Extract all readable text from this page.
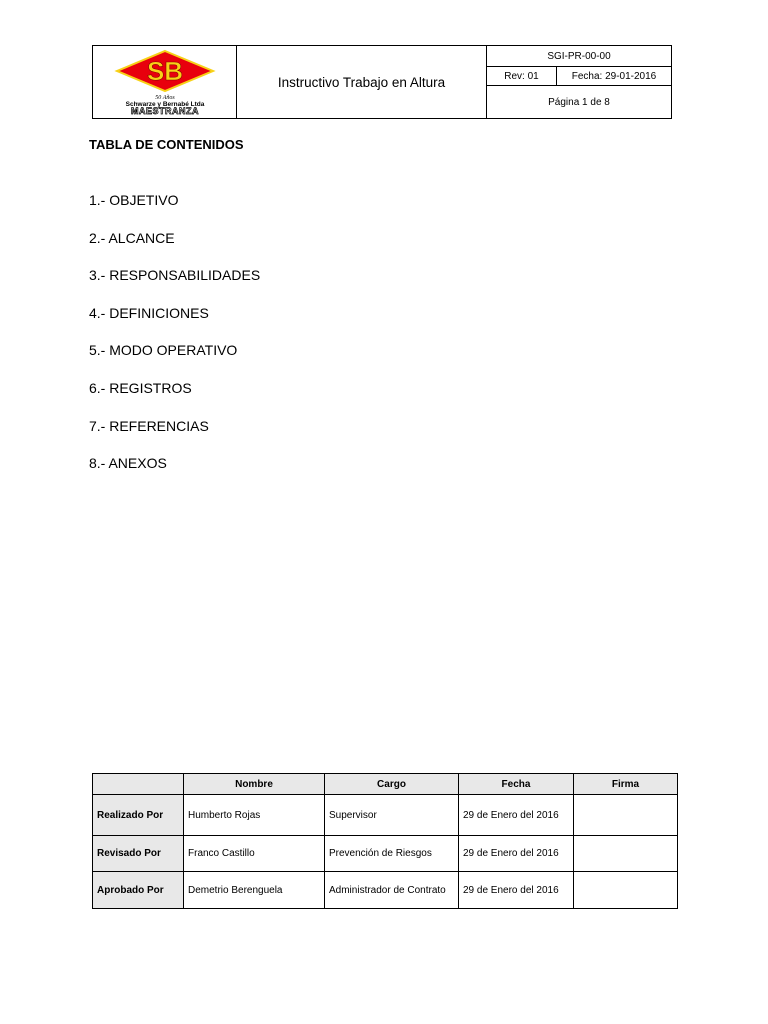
SB
50 Años
Schwarze y Bernabé Ltda
MAESTRANZA
Instructivo Trabajo en Altura
SGI-PR-00-00
Rev: 01	Fecha: 29-01-2016
Página 1 de 8
TABLA DE CONTENIDOS
1.- OBJETIVO
2.- ALCANCE
3.- RESPONSABILIDADES
4.- DEFINICIONES
5.- MODO OPERATIVO
6.- REGISTROS
7.- REFERENCIAS
8.- ANEXOS
	Nombre	Cargo	Fecha	Firma
Realizado Por	Humberto Rojas	Supervisor	29 de Enero del 2016	
Revisado Por	Franco Castillo	Prevención de Riesgos	29 de Enero del 2016	
Aprobado Por	Demetrio Berenguela	Administrador de Contrato	29 de Enero del 2016	
